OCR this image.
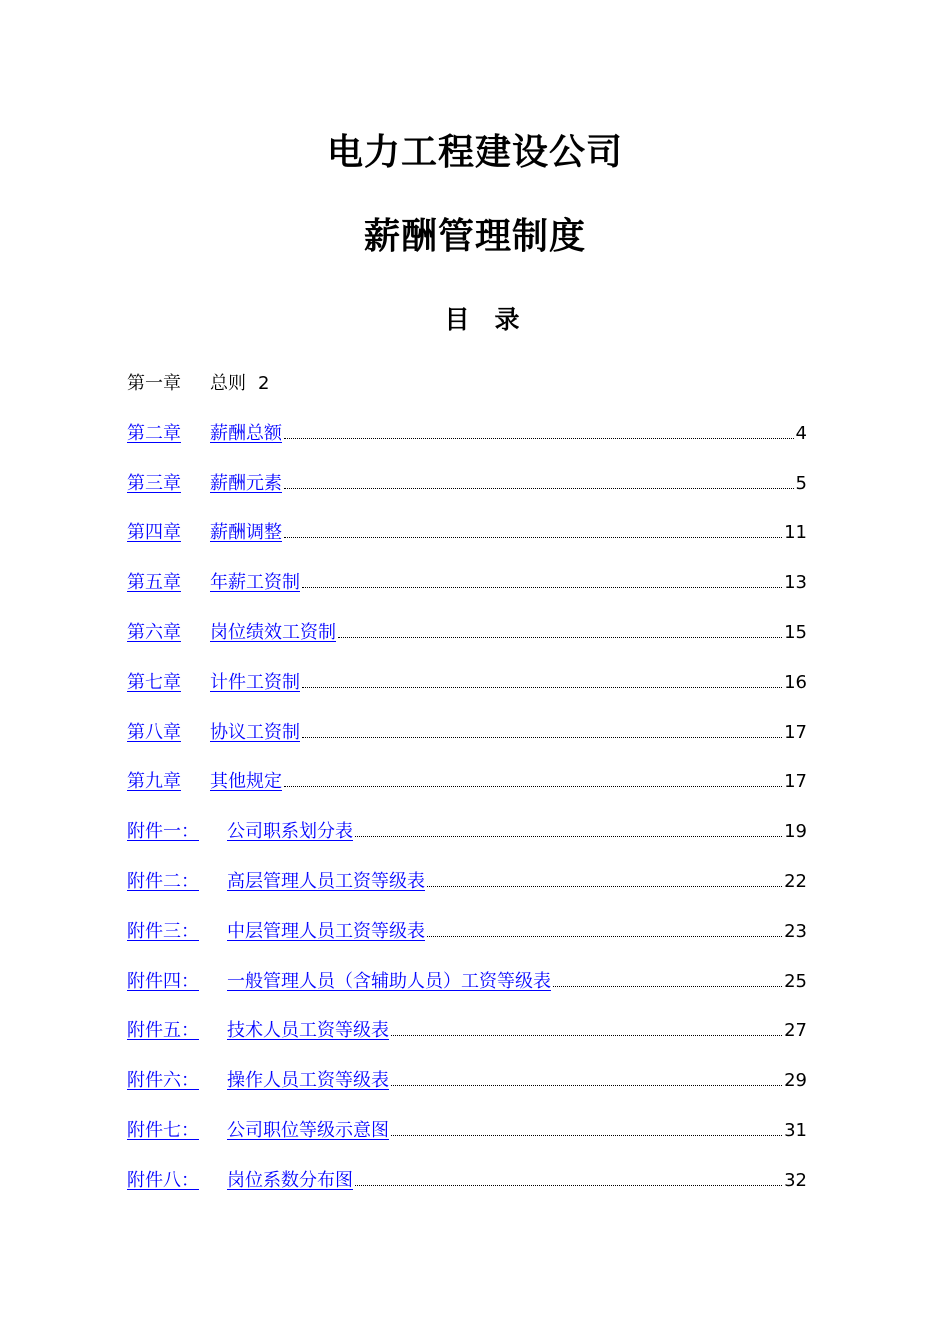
电力工程建设公司
薪酬管理制度
目　录
第一章 总则 2
第二章 薪酬总额	4
第三章 薪酬元素	5
第四章 薪酬调整	11
第五章 年薪工资制	13
第六章 岗位绩效工资制	15
第七章 计件工资制	16
第八章 协议工资制	17
第九章 其他规定	17
附件一： 公司职系划分表	19
附件二： 高层管理人员工资等级表	22
附件三： 中层管理人员工资等级表	23
附件四： 一般管理人员（含辅助人员）工资等级表	25
附件五： 技术人员工资等级表	27
附件六： 操作人员工资等级表	29
附件七： 公司职位等级示意图	31
附件八： 岗位系数分布图	32
